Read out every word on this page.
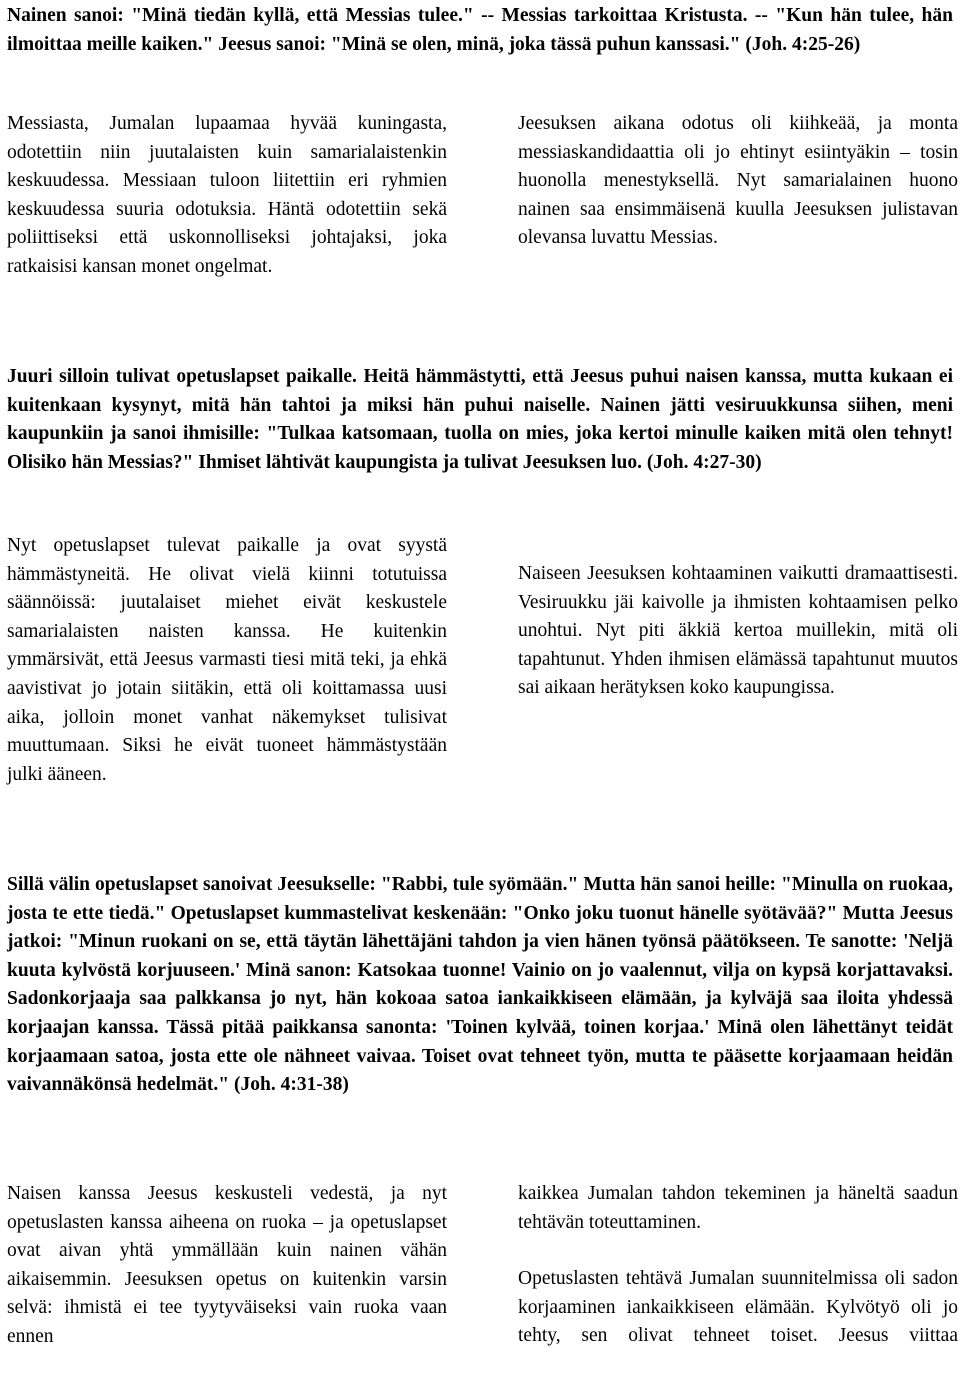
Nainen sanoi: "Minä tiedän kyllä, että Messias tulee." -- Messias tarkoittaa Kristusta. -- "Kun hän tulee, hän ilmoittaa meille kaiken." Jeesus sanoi: "Minä se olen, minä, joka tässä puhun kanssasi." (Joh. 4:25-26)

Messiasta, Jumalan lupaamaa hyvää kuningasta, odotettiin niin juutalaisten kuin samarialaistenkin keskuudessa. Messiaan tuloon liitettiin eri ryhmien keskuudessa suuria odotuksia. Häntä odotettiin sekä poliittiseksi että uskonnolliseksi johtajaksi, joka ratkaisisi kansan monet ongelmat.

Jeesuksen aikana odotus oli kiihkeää, ja monta messiaskandidaattia oli jo ehtinyt esiintyäkin – tosin huonolla menestyksellä. Nyt samarialainen huono nainen saa ensimmäisenä kuulla Jeesuksen julistavan olevansa luvattu Messias.

Juuri silloin tulivat opetuslapset paikalle. Heitä hämmästytti, että Jeesus puhui naisen kanssa, mutta kukaan ei kuitenkaan kysynyt, mitä hän tahtoi ja miksi hän puhui naiselle. Nainen jätti vesiruukkunsa siihen, meni kaupunkiin ja sanoi ihmisille: "Tulkaa katsomaan, tuolla on mies, joka kertoi minulle kaiken mitä olen tehnyt! Olisiko hän Messias?" Ihmiset lähtivät kaupungista ja tulivat Jeesuksen luo. (Joh. 4:27-30)

Nyt opetuslapset tulevat paikalle ja ovat syystä hämmästyneitä. He olivat vielä kiinni totutuissa säännöissä: juutalaiset miehet eivät keskustele samarialaisten naisten kanssa. He kuitenkin ymmärsivät, että Jeesus varmasti tiesi mitä teki, ja ehkä aavistivat jo jotain siitäkin, että oli koittamassa uusi aika, jolloin monet vanhat näkemykset tulisivat muuttumaan. Siksi he eivät tuoneet hämmästystään julki ääneen.

Naiseen Jeesuksen kohtaaminen vaikutti dramaattisesti. Vesiruukku jäi kaivolle ja ihmisten kohtaamisen pelko unohtui. Nyt piti äkkiä kertoa muillekin, mitä oli tapahtunut. Yhden ihmisen elämässä tapahtunut muutos sai aikaan herätyksen koko kaupungissa.

Sillä välin opetuslapset sanoivat Jeesukselle: "Rabbi, tule syömään." Mutta hän sanoi heille: "Minulla on ruokaa, josta te ette tiedä." Opetuslapset kummastelivat keskenään: "Onko joku tuonut hänelle syötävää?" Mutta Jeesus jatkoi: "Minun ruokani on se, että täytän lähettäjäni tahdon ja vien hänen työnsä päätökseen. Te sanotte: 'Neljä kuuta kylvöstä korjuuseen.' Minä sanon: Katsokaa tuonne! Vainio on jo vaalennut, vilja on kypsä korjattavaksi. Sadonkorjaaja saa palkkansa jo nyt, hän kokoaa satoa iankaikkiseen elämään, ja kylväjä saa iloita yhdessä korjaajan kanssa. Tässä pitää paikkansa sanonta: 'Toinen kylvää, toinen korjaa.' Minä olen lähettänyt teidät korjaamaan satoa, josta ette ole nähneet vaivaa. Toiset ovat tehneet työn, mutta te pääsette korjaamaan heidän vaivannäkönsä hedelmät." (Joh. 4:31-38)

Naisen kanssa Jeesus keskusteli vedestä, ja nyt opetuslasten kanssa aiheena on ruoka – ja opetuslapset ovat aivan yhtä ymmällään kuin nainen vähän aikaisemmin. Jeesuksen opetus on kuitenkin varsin selvä: ihmistä ei tee tyytyväiseksi vain ruoka vaan ennen

kaikkea Jumalan tahdon tekeminen ja häneltä saadun tehtävän toteuttaminen.

Opetuslasten tehtävä Jumalan suunnitelmissa oli sadon korjaaminen iankaikkiseen elämään. Kylvötyö oli jo tehty, sen olivat tehneet toiset. Jeesus viittaa
